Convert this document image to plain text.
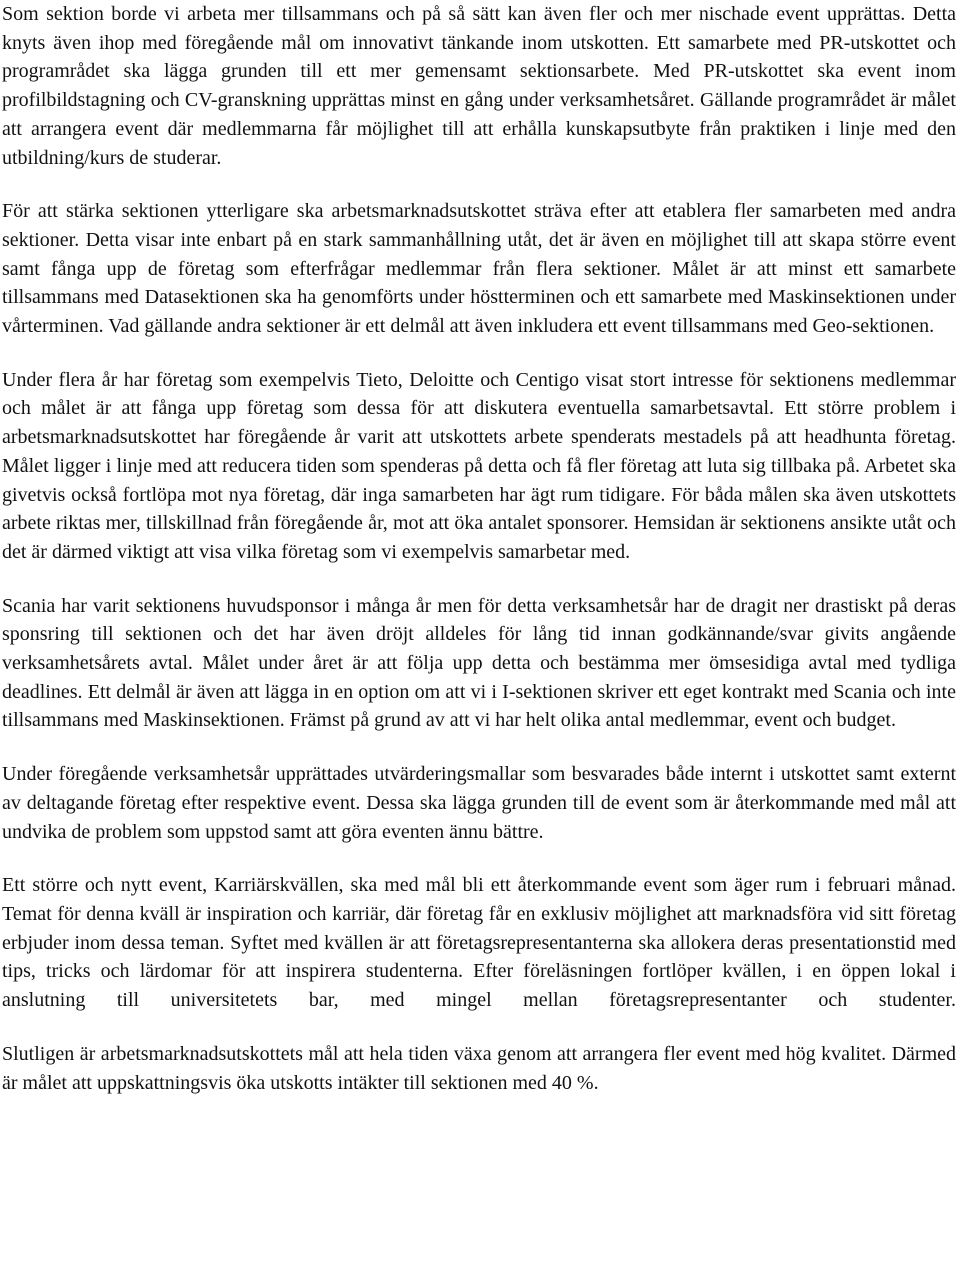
Som sektion borde vi arbeta mer tillsammans och på så sätt kan även fler och mer nischade event upprättas. Detta knyts även ihop med föregående mål om innovativt tänkande inom utskotten. Ett samarbete med PR-utskottet och programrådet ska lägga grunden till ett mer gemensamt sektionsarbete. Med PR-utskottet ska event inom profilbildstagning och CV-granskning upprättas minst en gång under verksamhetsåret. Gällande programrådet är målet att arrangera event där medlemmarna får möjlighet till att erhålla kunskapsutbyte från praktiken i linje med den utbildning/kurs de studerar.

För att stärka sektionen ytterligare ska arbetsmarknadsutskottet sträva efter att etablera fler samarbeten med andra sektioner. Detta visar inte enbart på en stark sammanhållning utåt, det är även en möjlighet till att skapa större event samt fånga upp de företag som efterfrågar medlemmar från flera sektioner. Målet är att minst ett samarbete tillsammans med Datasektionen ska ha genomförts under höstterminen och ett samarbete med Maskinsektionen under vårterminen. Vad gällande andra sektioner är ett delmål att även inkludera ett event tillsammans med Geo-sektionen.

Under flera år har företag som exempelvis Tieto, Deloitte och Centigo visat stort intresse för sektionens medlemmar och målet är att fånga upp företag som dessa för att diskutera eventuella samarbetsavtal. Ett större problem i arbetsmarknadsutskottet har föregående år varit att utskottets arbete spenderats mestadels på att headhunta företag. Målet ligger i linje med att reducera tiden som spenderas på detta och få fler företag att luta sig tillbaka på. Arbetet ska givetvis också fortlöpa mot nya företag, där inga samarbeten har ägt rum tidigare. För båda målen ska även utskottets arbete riktas mer, tillskillnad från föregående år, mot att öka antalet sponsorer. Hemsidan är sektionens ansikte utåt och det är därmed viktigt att visa vilka företag som vi exempelvis samarbetar med.

Scania har varit sektionens huvudsponsor i många år men för detta verksamhetsår har de dragit ner drastiskt på deras sponsring till sektionen och det har även dröjt alldeles för lång tid innan godkännande/svar givits angående verksamhetsårets avtal. Målet under året är att följa upp detta och bestämma mer ömsesidiga avtal med tydliga deadlines. Ett delmål är även att lägga in en option om att vi i I-sektionen skriver ett eget kontrakt med Scania och inte tillsammans med Maskinsektionen. Främst på grund av att vi har helt olika antal medlemmar, event och budget.

Under föregående verksamhetsår upprättades utvärderingsmallar som besvarades både internt i utskottet samt externt av deltagande företag efter respektive event. Dessa ska lägga grunden till de event som är återkommande med mål att undvika de problem som uppstod samt att göra eventen ännu bättre.

Ett större och nytt event, Karriärskvällen, ska med mål bli ett återkommande event som äger rum i februari månad. Temat för denna kväll är inspiration och karriär, där företag får en exklusiv möjlighet att marknadsföra vid sitt företag erbjuder inom dessa teman. Syftet med kvällen är att företagsrepresentanterna ska allokera deras presentationstid med tips, tricks och lärdomar för att inspirera studenterna. Efter föreläsningen fortlöper kvällen, i en öppen lokal i anslutning till universitetets bar, med mingel mellan företagsrepresentanter och studenter.

Slutligen är arbetsmarknadsutskottets mål att hela tiden växa genom att arrangera fler event med hög kvalitet. Därmed är målet att uppskattningsvis öka utskotts intäkter till sektionen med 40 %.
